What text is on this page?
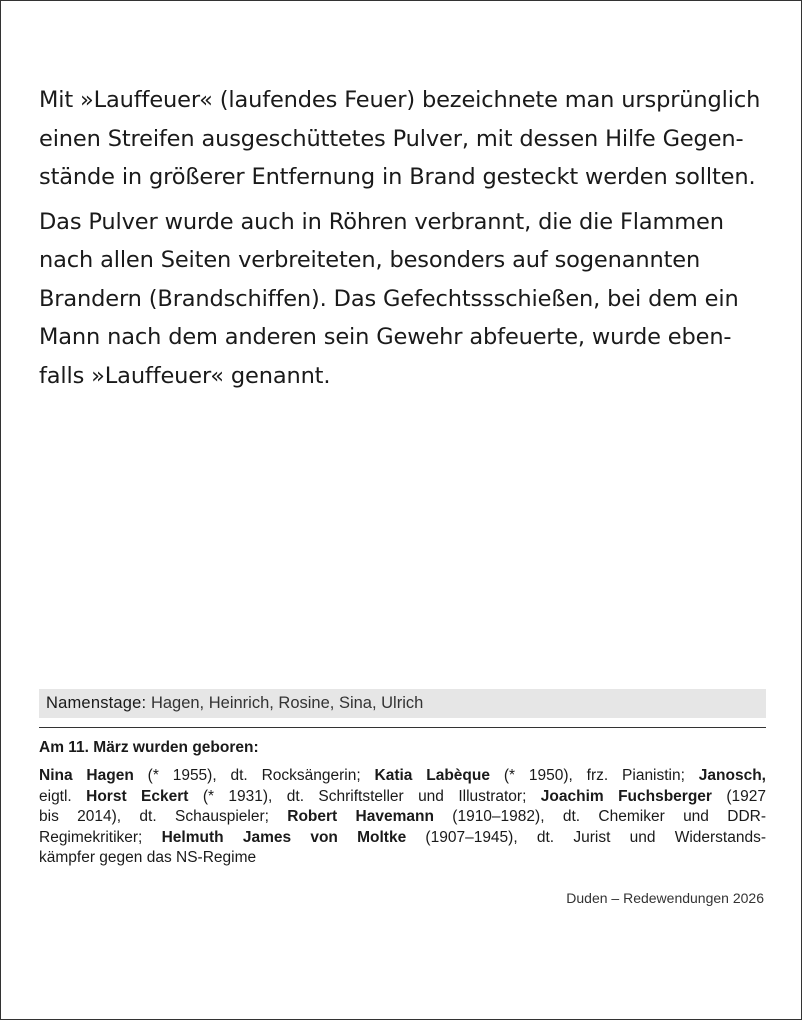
Mit »Lauffeuer« (laufendes Feuer) bezeichnete man ursprünglich
einen Streifen ausgeschüttetes Pulver, mit dessen Hilfe Gegen-
stände in größerer Entfernung in Brand gesteckt werden sollten.

Das Pulver wurde auch in Röhren verbrannt, die die Flammen
nach allen Seiten verbreiteten, besonders auf sogenannten
Brandern (Brandschiffen). Das Gefechtssschießen, bei dem ein
Mann nach dem anderen sein Gewehr abfeuerte, wurde eben-
falls »Lauffeuer« genannt.

Namenstage: Hagen, Heinrich, Rosine, Sina, Ulrich
Am 11. März wurden geboren:
Nina Hagen (* 1955), dt. Rocksängerin; Katia Labèque (* 1950), frz. Pianistin; Janosch,
eigtl. Horst Eckert (* 1931), dt. Schriftsteller und Illustrator; Joachim Fuchsberger (1927
bis 2014), dt. Schauspieler; Robert Havemann (1910–1982), dt. Chemiker und DDR-
Regimekritiker; Helmuth James von Moltke (1907–1945), dt. Jurist und Widerstands-
kämpfer gegen das NS-Regime
Duden – Redewendungen 2026
